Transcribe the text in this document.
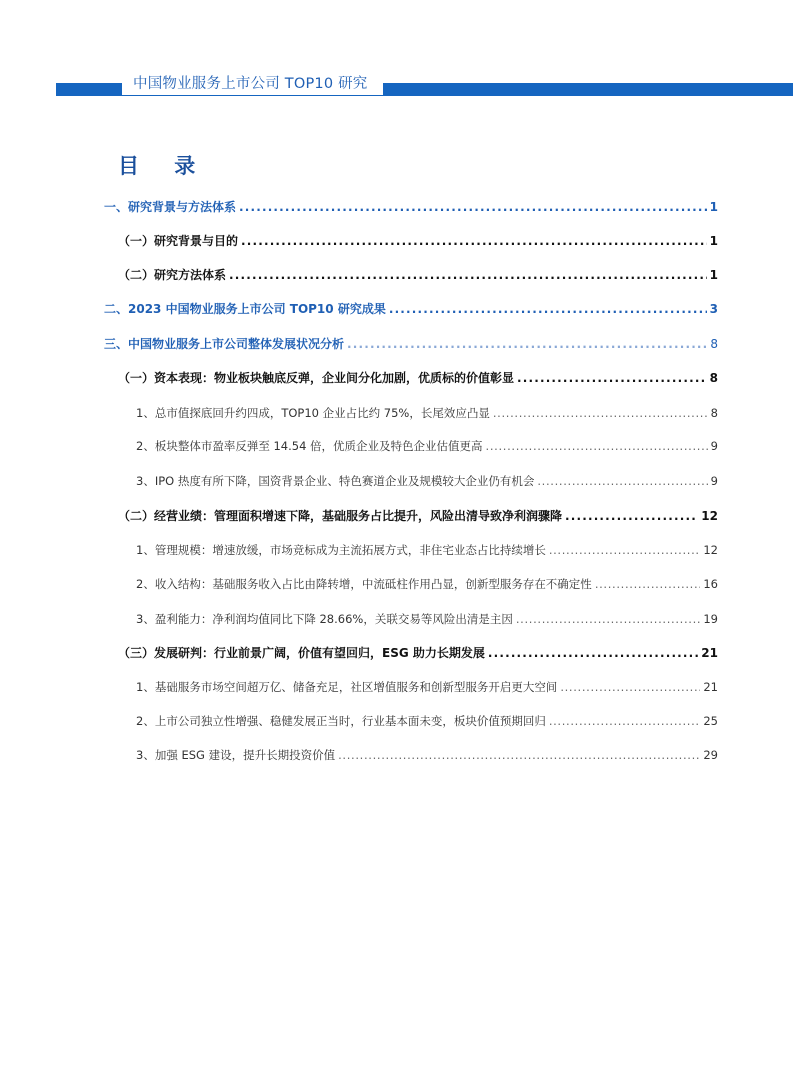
中国物业服务上市公司 TOP10 研究
目 录
一、研究背景与方法体系 . . .	1
（一）研究背景与目的 . . .	1
（二）研究方法体系 . . .	1
二、2023 中国物业服务上市公司 TOP10 研究成果 . . .	3
三、中国物业服务上市公司整体发展状况分析 . . .	8
（一）资本表现：物业板块触底反弹，企业间分化加剧，优质标的价值彰显 . . .	8
1、总市值探底回升约四成，TOP10 企业占比约 75%，长尾效应凸显 . . .	8
2、板块整体市盈率反弹至 14.54 倍，优质企业及特色企业估值更高 . . .	9
3、IPO 热度有所下降，国资背景企业、特色赛道企业及规模较大企业仍有机会 . . .	9
（二）经营业绩：管理面积增速下降，基础服务占比提升，风险出清导致净利润骤降 . . .	12
1、管理规模：增速放缓，市场竞标成为主流拓展方式，非住宅业态占比持续增长 . . .	12
2、收入结构：基础服务收入占比由降转增，中流砥柱作用凸显，创新型服务存在不确定性 . . .	16
3、盈利能力：净利润均值同比下降 28.66%，关联交易等风险出清是主因 . . .	19
（三）发展研判：行业前景广阔，价值有望回归，ESG 助力长期发展 . . .	21
1、基础服务市场空间超万亿、储备充足，社区增值服务和创新型服务开启更大空间 . . .	21
2、上市公司独立性增强、稳健发展正当时，行业基本面未变，板块价值预期回归 . . .	25
3、加强 ESG 建设，提升长期投资价值 . . .	29
